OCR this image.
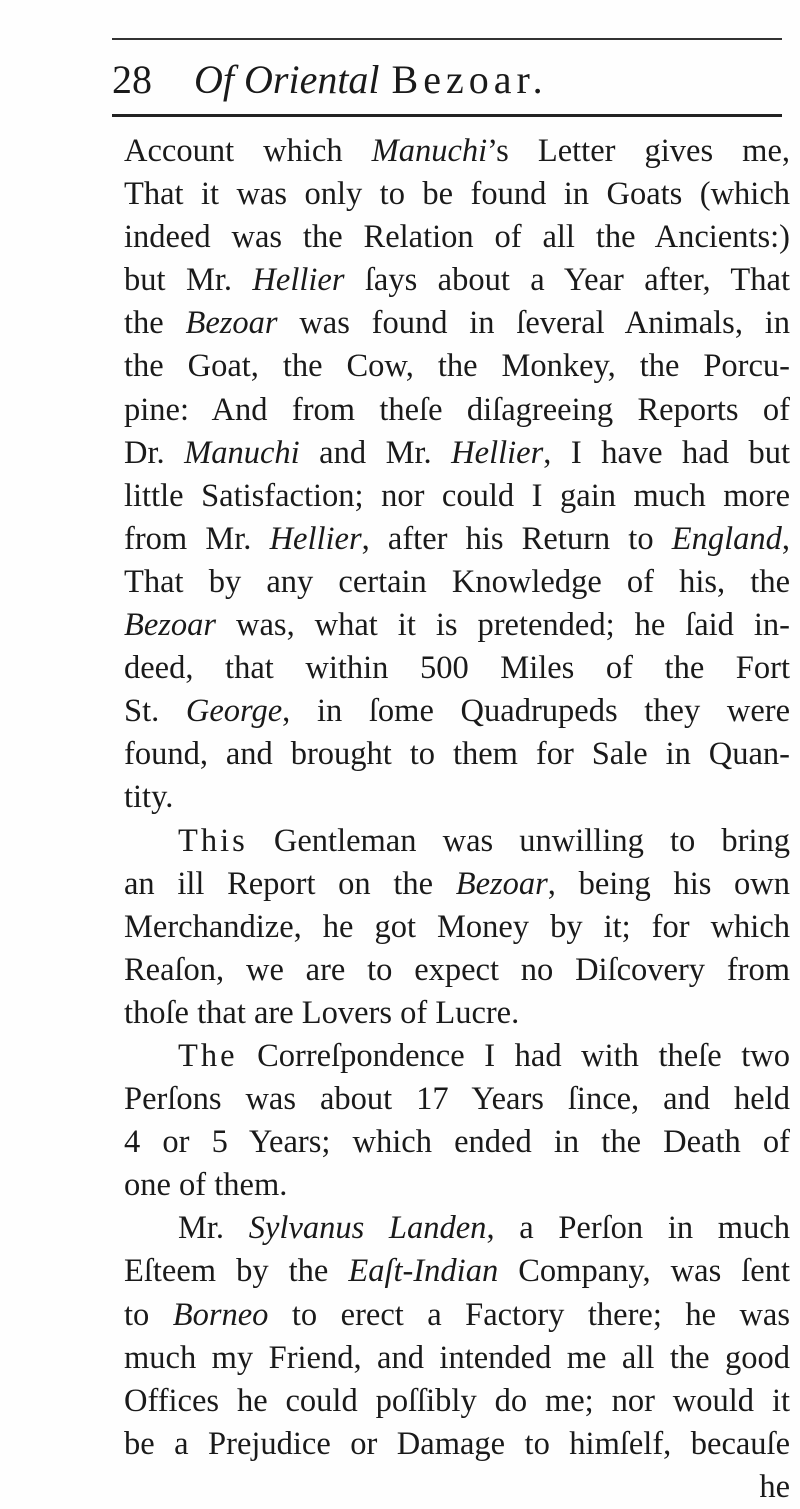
28	Of Oriental Bezoar.
Account which Manuchi’s Letter gives me,
That it was only to be found in Goats (which
indeed was the Relation of all the Ancients:)
but Mr. Hellier ſays about a Year after, That
the Bezoar was found in ſeveral Animals, in
the Goat, the Cow, the Monkey, the Porcu-
pine: And from theſe diſagreeing Reports of
Dr. Manuchi and Mr. Hellier, I have had but
little Satisfaction; nor could I gain much more
from Mr. Hellier, after his Return to England,
That by any certain Knowledge of his, the
Bezoar was, what it is pretended; he ſaid in-
deed, that within 500 Miles of the Fort
St. George, in ſome Quadrupeds they were
found, and brought to them for Sale in Quan-
tity.
This Gentleman was unwilling to bring
an ill Report on the Bezoar, being his own
Merchandize, he got Money by it; for which
Reaſon, we are to expect no Diſcovery from
thoſe that are Lovers of Lucre.
The Correſpondence I had with theſe two
Perſons was about 17 Years ſince, and held
4 or 5 Years; which ended in the Death of
one of them.
Mr. Sylvanus Landen, a Perſon in much
Eſteem by the Eaſt-Indian Company, was ſent
to Borneo to erect a Factory there; he was
much my Friend, and intended me all the good
Offices he could poſſibly do me; nor would it
be a Prejudice or Damage to himſelf, becauſe
he
